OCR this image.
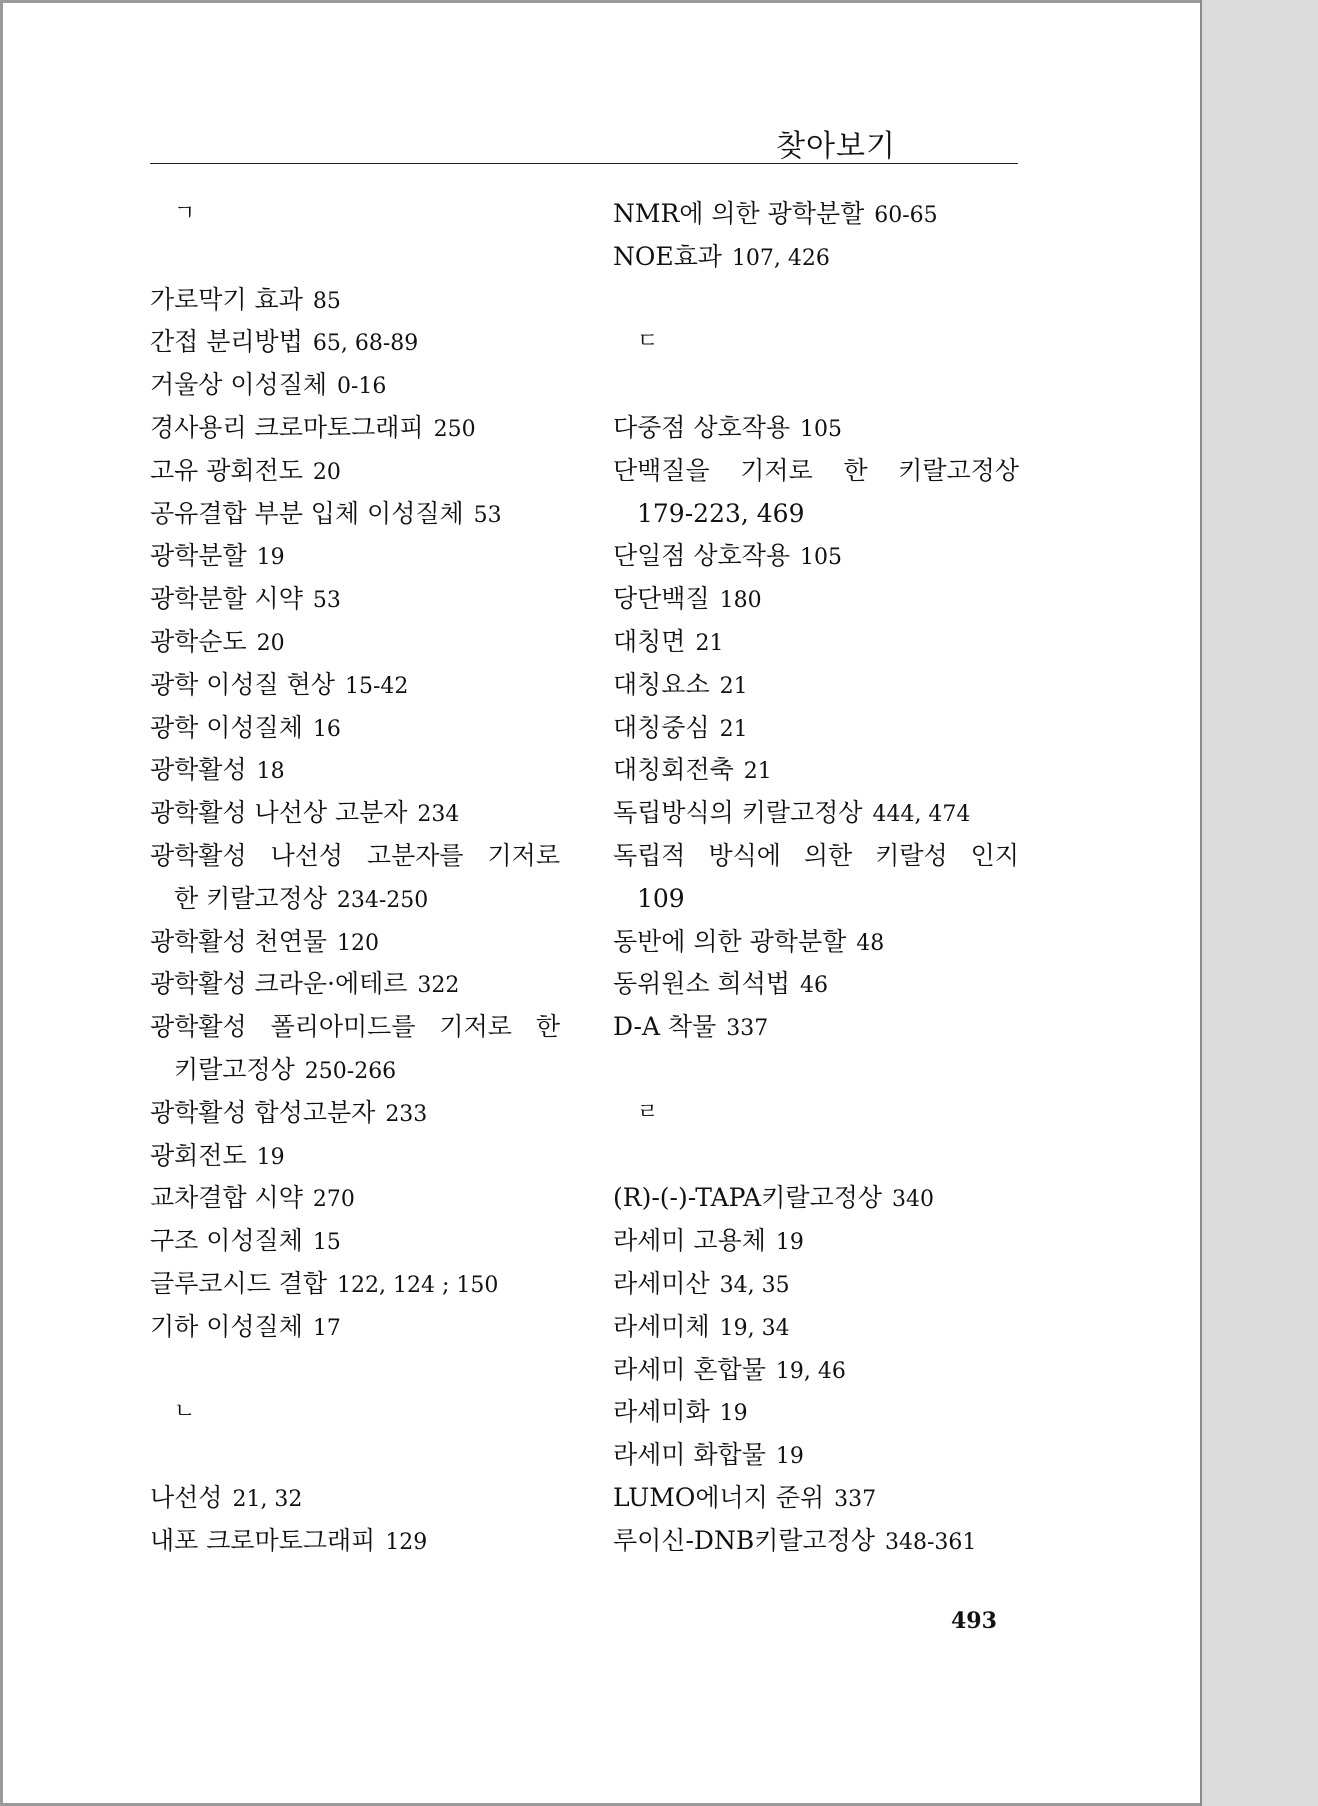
찾아보기
ㄱ
가로막기 효과 85
간접 분리방법 65, 68-89
거울상 이성질체 0-16
경사용리 크로마토그래피 250
고유 광회전도 20
공유결합 부분 입체 이성질체 53
광학분할 19
광학분할 시약 53
광학순도 20
광학 이성질 현상 15-42
광학 이성질체 16
광학활성 18
광학활성 나선상 고분자 234
광학활성 나선성 고분자를 기저로
한 키랄고정상 234-250
광학활성 천연물 120
광학활성 크라운·에테르 322
광학활성 폴리아미드를 기저로 한
키랄고정상 250-266
광학활성 합성고분자 233
광회전도 19
교차결합 시약 270
구조 이성질체 15
글루코시드 결합 122, 124 ; 150
기하 이성질체 17
ㄴ
나선성 21, 32
내포 크로마토그래피 129
NMR에 의한 광학분할 60-65
NOE효과 107, 426
ㄷ
다중점 상호작용 105
단백질을 기저로 한 키랄고정상
179-223, 469
단일점 상호작용 105
당단백질 180
대칭면 21
대칭요소 21
대칭중심 21
대칭회전축 21
독립방식의 키랄고정상 444, 474
독립적 방식에 의한 키랄성 인지
109
동반에 의한 광학분할 48
동위원소 희석법 46
D-A 착물 337
ㄹ
(R)-(-)-TAPA키랄고정상 340
라세미 고용체 19
라세미산 34, 35
라세미체 19, 34
라세미 혼합물 19, 46
라세미화 19
라세미 화합물 19
LUMO에너지 준위 337
루이신-DNB키랄고정상 348-361
493
